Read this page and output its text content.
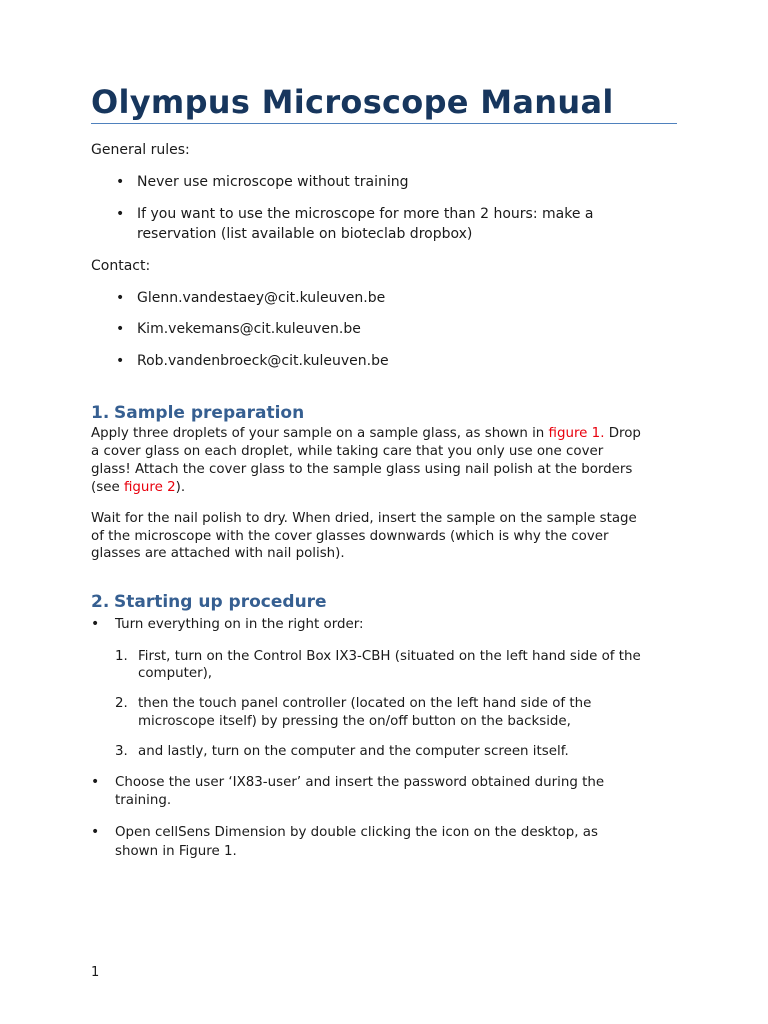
Olympus Microscope Manual

General rules:

• Never use microscope without training

• If you want to use the microscope for more than 2 hours: make a

reservation (list available on bioteclab dropbox)

Contact:

• Glenn.vandestaey@cit.kuleuven.be

• Kim.vekemans@cit.kuleuven.be

• Rob.vandenbroeck@cit.kuleuven.be

1. Sample preparation

Apply three droplets of your sample on a sample glass, as shown in figure 1. Drop

a cover glass on each droplet, while taking care that you only use one cover

glass! Attach the cover glass to the sample glass using nail polish at the borders

(see figure 2).

Wait for the nail polish to dry. When dried, insert the sample on the sample stage

of the microscope with the cover glasses downwards (which is why the cover

glasses are attached with nail polish).

2. Starting up procedure
• Turn everything on in the right order:

1. First, turn on the Control Box IX3-CBH (situated on the left hand side of the

computer),

2. then the touch panel controller (located on the left hand side of the

microscope itself) by pressing the on/off button on the backside,

3. and lastly, turn on the computer and the computer screen itself.

• Choose the user ‘IX83-user’ and insert the password obtained during the

training.

• Open cellSens Dimension by double clicking the icon on the desktop, as

shown in Figure 1.

1
